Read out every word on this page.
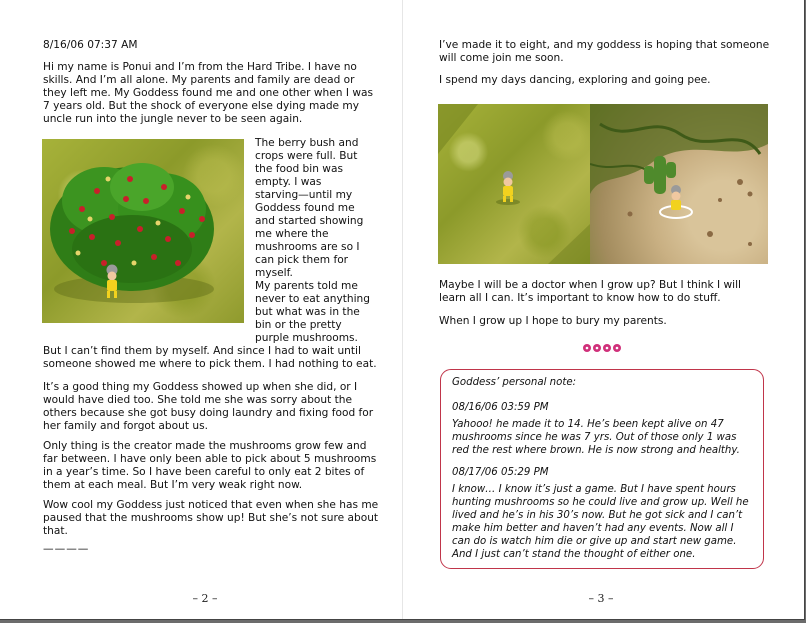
8/16/06 07:37 AM

Hi my name is Ponui and I’m from the Hard Tribe. I have no

skills. And I’m all alone. My parents and family are dead or

they left me. My Goddess found me and one other when I was

7 years old. But the shock of everyone else dying made my

uncle run into the jungle never to be seen again.

The berry bush and

crops were full. But

the food bin was

empty. I was

starving—until my

Goddess found me

and started showing

me where the

mushrooms are so I

can pick them for

myself.

My parents told me

never to eat anything

but what was in the

bin or the pretty

purple mushrooms.

But I can’t find them by myself. And since I had to wait until

someone showed me where to pick them. I had nothing to eat.

It’s a good thing my Goddess showed up when she did, or I

would have died too. She told me she was sorry about the

others because she got busy doing laundry and fixing food for

her family and forgot about us.

Only thing is the creator made the mushrooms grow few and

far between. I have only been able to pick about 5 mushrooms

in a year’s time. So I have been careful to only eat 2 bites of

them at each meal. But I’m very weak right now.

Wow cool my Goddess just noticed that even when she has me

paused that the mushrooms show up! But she’s not sure about

that.

————

– 2 –

I’ve made it to eight, and my goddess is hoping that someone

will come join me soon.

I spend my days dancing, exploring and going pee.

Maybe I will be a doctor when I grow up? But I think I will

learn all I can. It’s important to know how to do stuff.

When I grow up I hope to bury my parents.

– 3 –

Goddess’ personal note:

08/16/06 03:59 PM

Yahooo! he made it to 14. He’s been kept alive on 47

mushrooms since he was 7 yrs. Out of those only 1 was

red the rest where brown. He is now strong and healthy.

08/17/06 05:29 PM

I know… I know it’s just a game. But I have spent hours

hunting mushrooms so he could live and grow up. Well he

lived and he’s in his 30’s now. But he got sick and I can’t

make him better and haven’t had any events. Now all I

can do is watch him die or give up and start new game.

And I just can’t stand the thought of either one.
